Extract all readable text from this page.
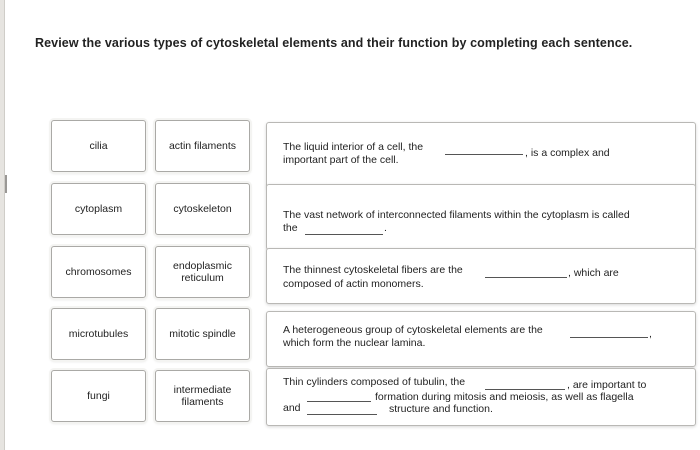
Review the various types of cytoskeletal elements and their function by completing each sentence.
cilia	actin filaments
cytoplasm	cytoskeleton
chromosomes	endoplasmic reticulum
microtubules	mitotic spindle
fungi	intermediate filaments
The liquid interior of a cell, the	, is a complex and
important part of the cell.
The vast network of interconnected filaments within the cytoplasm is called
the	.
The thinnest cytoskeletal fibers are the	, which are
composed of actin monomers.
A heterogeneous group of cytoskeletal elements are the	,
which form the nuclear lamina.
Thin cylinders composed of tubulin, the	, are important to
formation during mitosis and meiosis, as well as flagella
and	structure and function.
